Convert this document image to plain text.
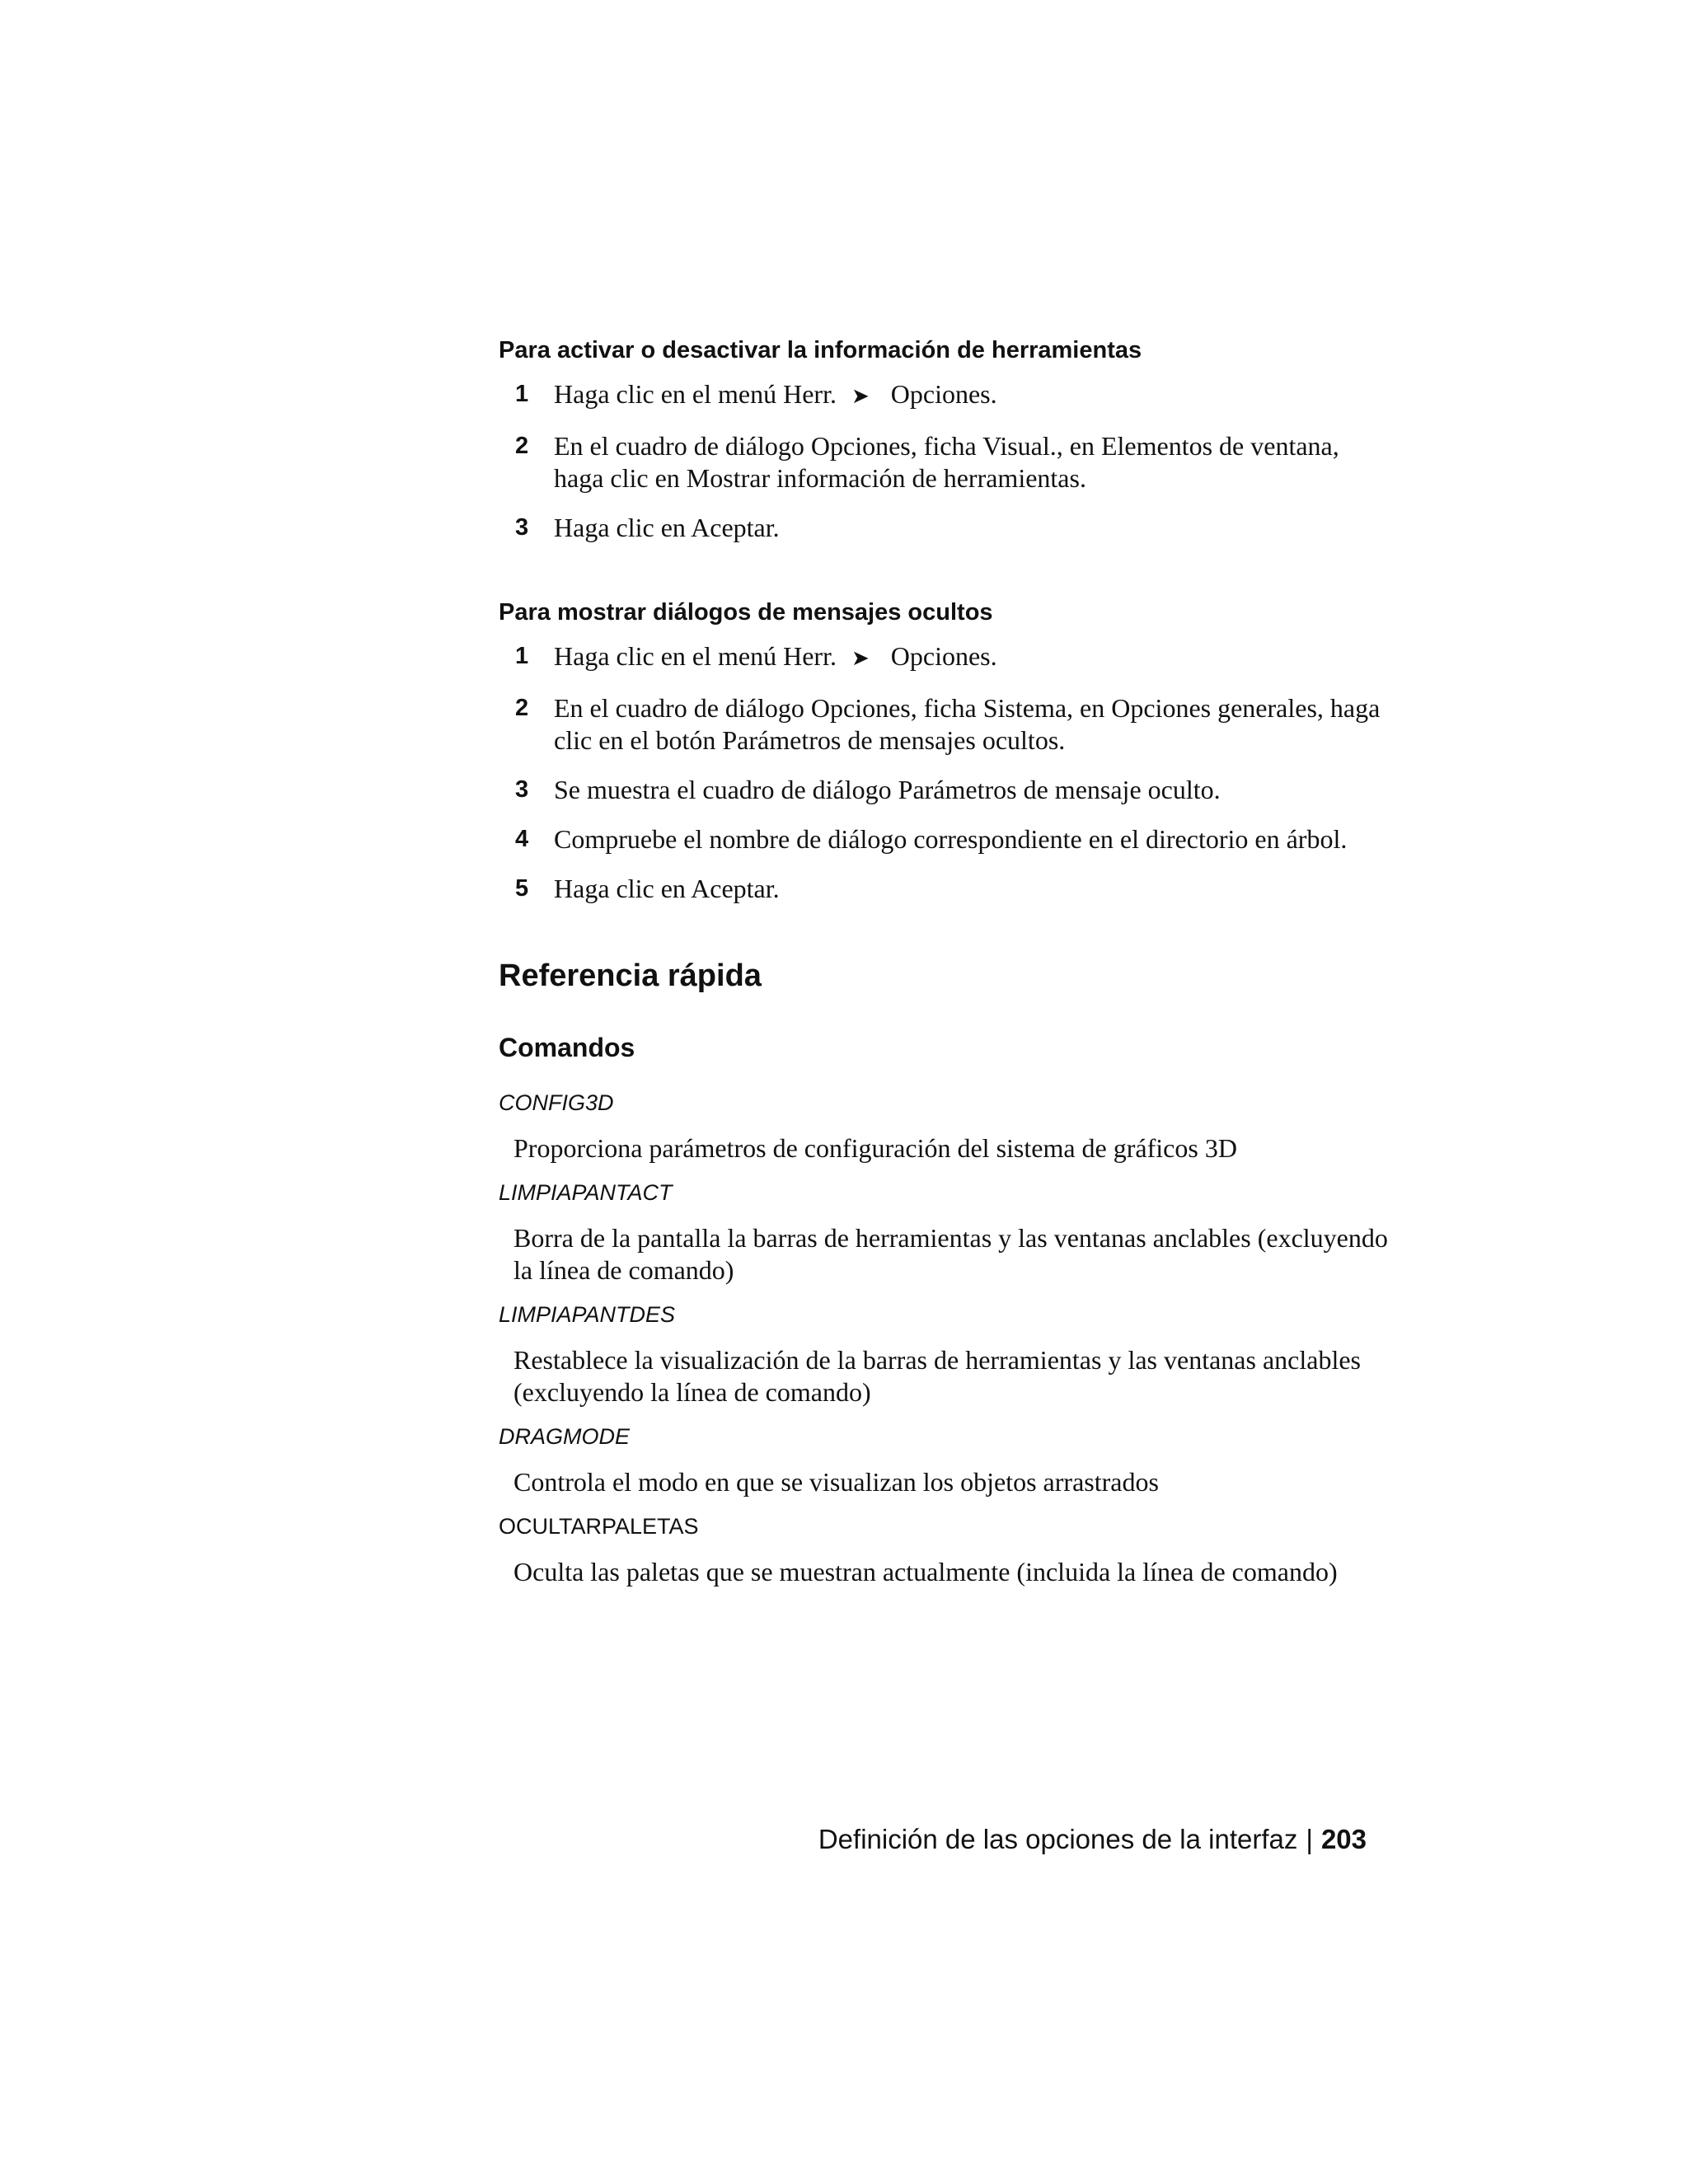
Para activar o desactivar la información de herramientas
1 Haga clic en el menú Herr. ➤ Opciones.
2 En el cuadro de diálogo Opciones, ficha Visual., en Elementos de ventana, haga clic en Mostrar información de herramientas.
3 Haga clic en Aceptar.
Para mostrar diálogos de mensajes ocultos
1 Haga clic en el menú Herr. ➤ Opciones.
2 En el cuadro de diálogo Opciones, ficha Sistema, en Opciones generales, haga clic en el botón Parámetros de mensajes ocultos.
3 Se muestra el cuadro de diálogo Parámetros de mensaje oculto.
4 Compruebe el nombre de diálogo correspondiente en el directorio en árbol.
5 Haga clic en Aceptar.
Referencia rápida
Comandos
CONFIG3D
Proporciona parámetros de configuración del sistema de gráficos 3D
LIMPIAPANTACT
Borra de la pantalla la barras de herramientas y las ventanas anclables (excluyendo la línea de comando)
LIMPIAPANTDES
Restablece la visualización de la barras de herramientas y las ventanas anclables (excluyendo la línea de comando)
DRAGMODE
Controla el modo en que se visualizan los objetos arrastrados
OCULTARPALETAS
Oculta las paletas que se muestran actualmente (incluida la línea de comando)
Definición de las opciones de la interfaz | 203
